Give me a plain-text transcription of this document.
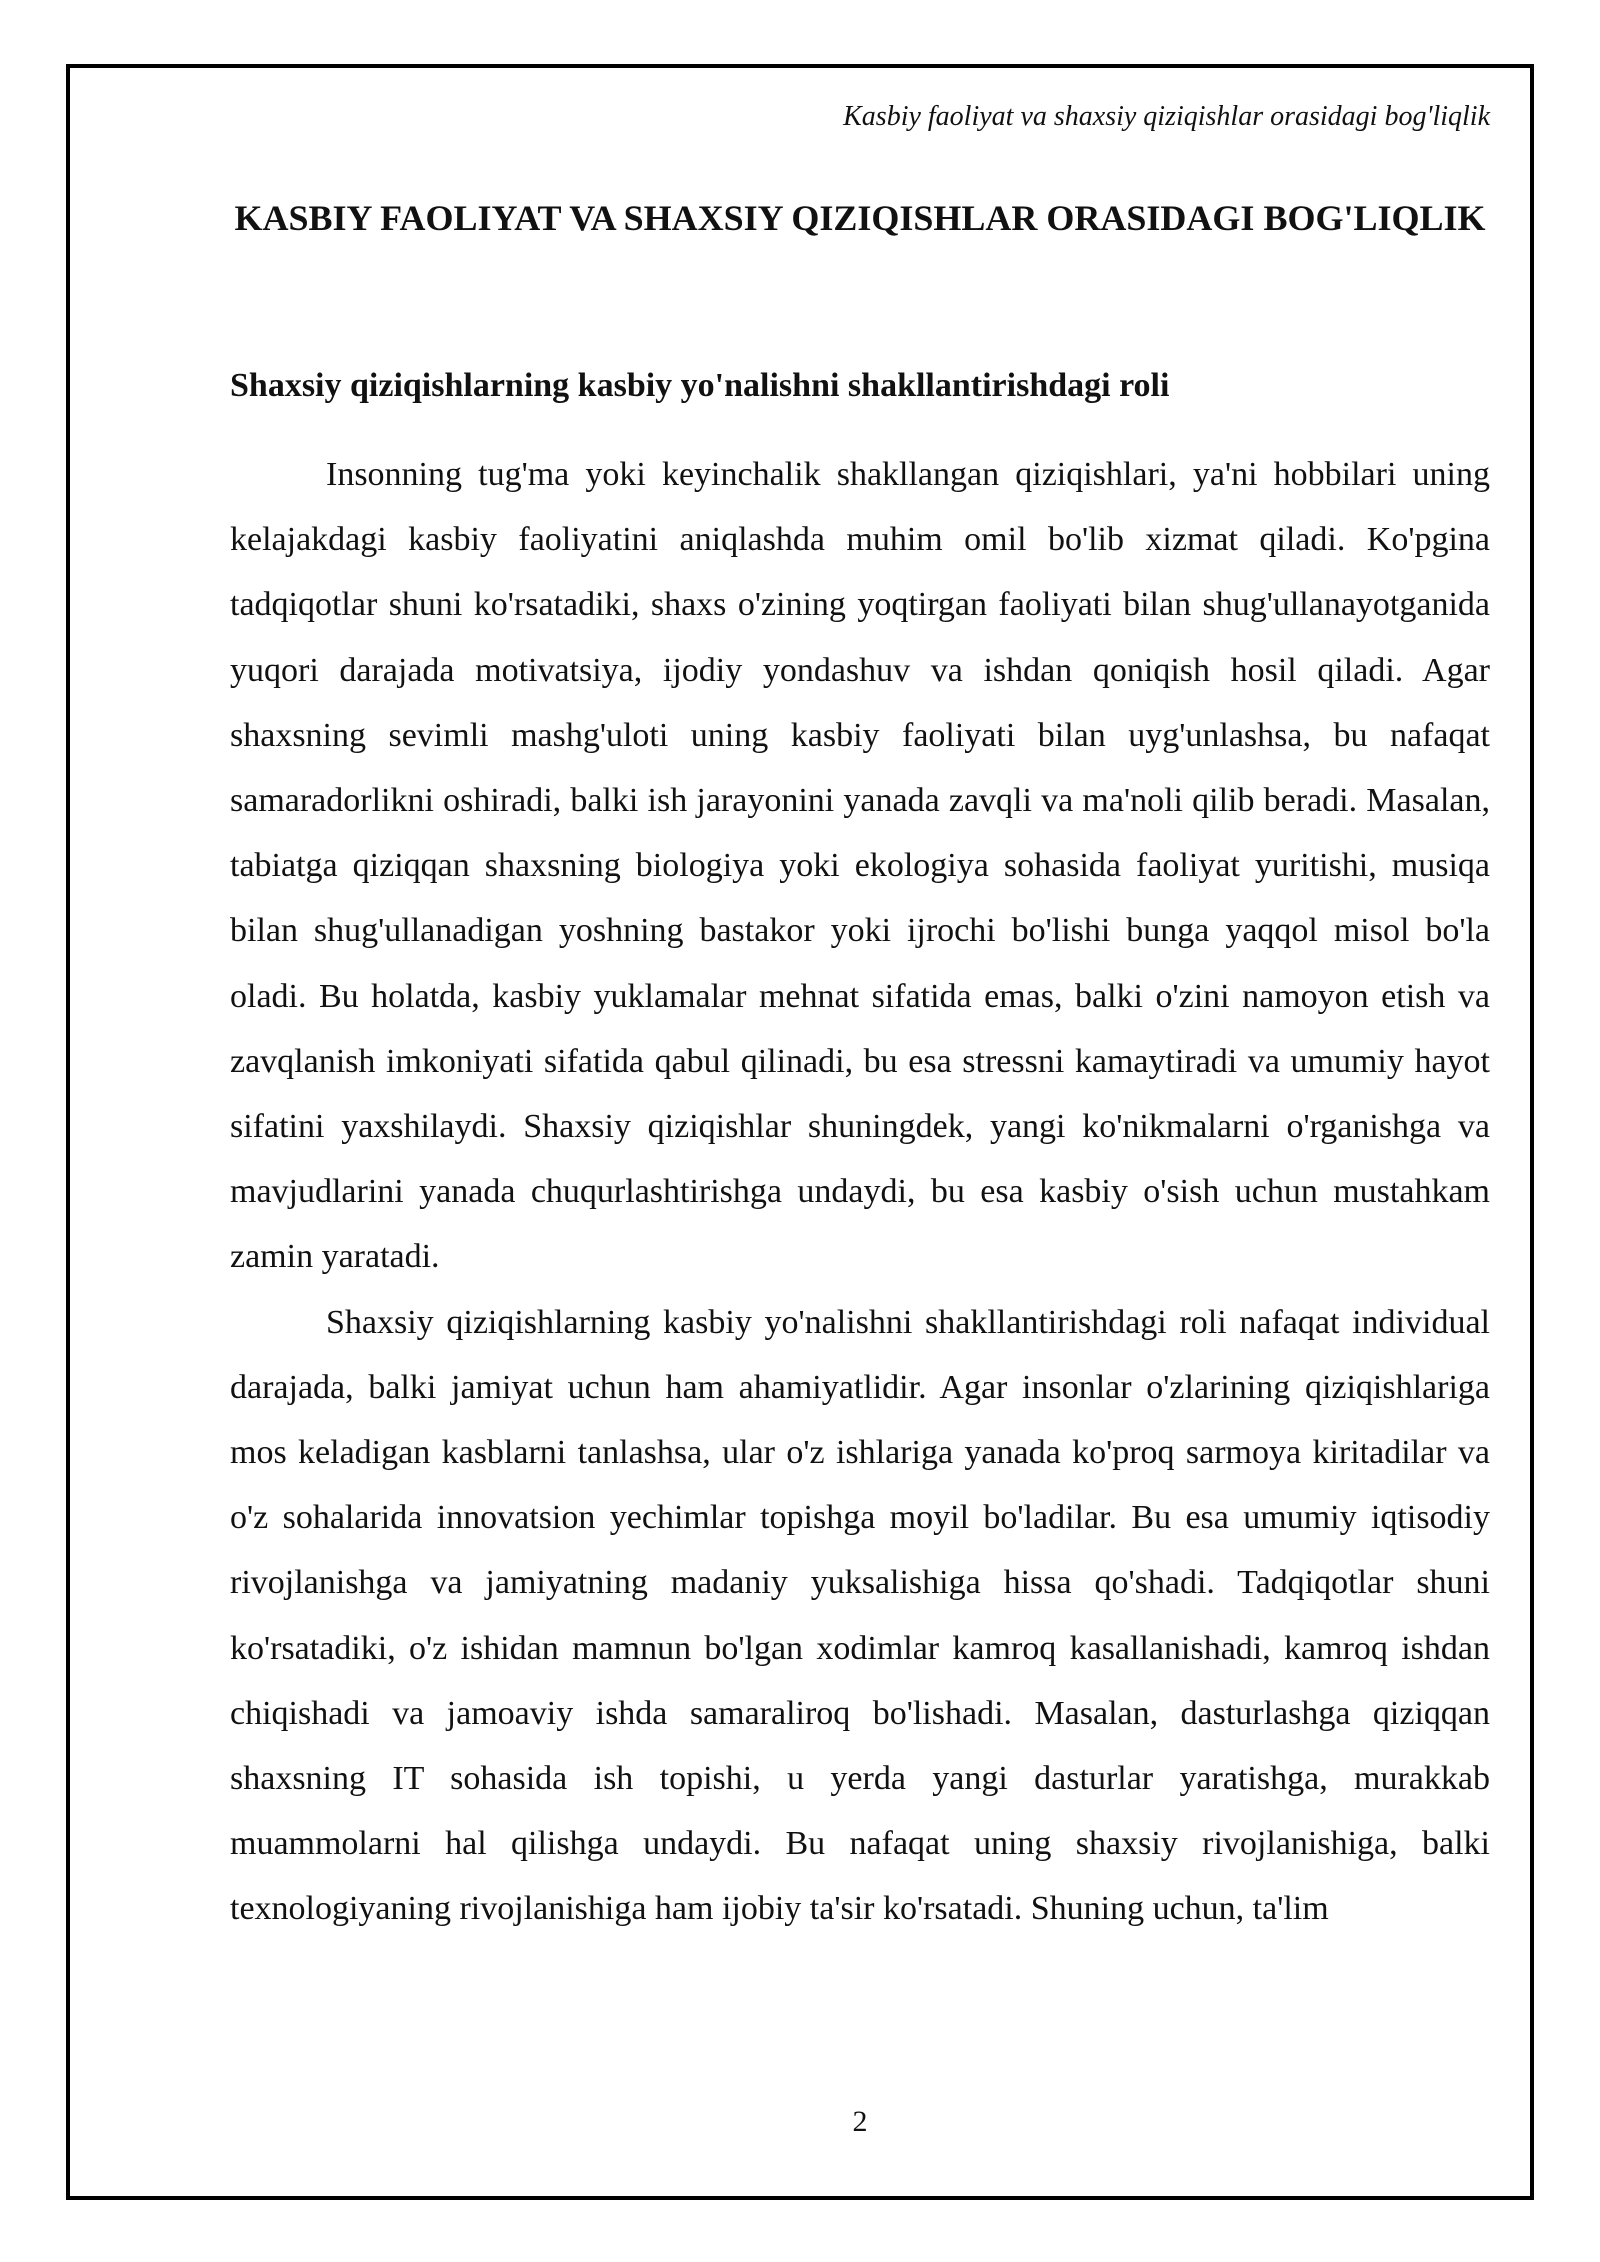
Kasbiy faoliyat va shaxsiy qiziqishlar orasidagi bog'liqlik
KASBIY FAOLIYAT VA SHAXSIY QIZIQISHLAR ORASIDAGI BOG'LIQLIK
Shaxsiy qiziqishlarning kasbiy yo'nalishni shakllantirishdagi roli

Insonning tug'ma yoki keyinchalik shakllangan qiziqishlari, ya'ni hobbilari uning kelajakdagi kasbiy faoliyatini aniqlashda muhim omil bo'lib xizmat qiladi. Ko'pgina tadqiqotlar shuni ko'rsatadiki, shaxs o'zining yoqtirgan faoliyati bilan shug'ullanayotganida yuqori darajada motivatsiya, ijodiy yondashuv va ishdan qoniqish hosil qiladi. Agar shaxsning sevimli mashg'uloti uning kasbiy faoliyati bilan uyg'unlashsa, bu nafaqat samaradorlikni oshiradi, balki ish jarayonini yanada zavqli va ma'noli qilib beradi. Masalan, tabiatga qiziqqan shaxsning biologiya yoki ekologiya sohasida faoliyat yuritishi, musiqa bilan shug'ullanadigan yoshning bastakor yoki ijrochi bo'lishi bunga yaqqol misol bo'la oladi. Bu holatda, kasbiy yuklamalar mehnat sifatida emas, balki o'zini namoyon etish va zavqlanish imkoniyati sifatida qabul qilinadi, bu esa stressni kamaytiradi va umumiy hayot sifatini yaxshilaydi. Shaxsiy qiziqishlar shuningdek, yangi ko'nikmalarni o'rganishga va mavjudlarini yanada chuqurlashtirishga undaydi, bu esa kasbiy o'sish uchun mustahkam zamin yaratadi.

Shaxsiy qiziqishlarning kasbiy yo'nalishni shakllantirishdagi roli nafaqat individual darajada, balki jamiyat uchun ham ahamiyatlidir. Agar insonlar o'zlarining qiziqishlariga mos keladigan kasblarni tanlashsa, ular o'z ishlariga yanada ko'proq sarmoya kiritadilar va o'z sohalarida innovatsion yechimlar topishga moyil bo'ladilar. Bu esa umumiy iqtisodiy rivojlanishga va jamiyatning madaniy yuksalishiga hissa qo'shadi. Tadqiqotlar shuni ko'rsatadiki, o'z ishidan mamnun bo'lgan xodimlar kamroq kasallanishadi, kamroq ishdan chiqishadi va jamoaviy ishda samaraliroq bo'lishadi. Masalan, dasturlashga qiziqqan shaxsning IT sohasida ish topishi, u yerda yangi dasturlar yaratishga, murakkab muammolarni hal qilishga undaydi. Bu nafaqat uning shaxsiy rivojlanishiga, balki texnologiyaning rivojlanishiga ham ijobiy ta'sir ko'rsatadi. Shuning uchun, ta'lim

2
